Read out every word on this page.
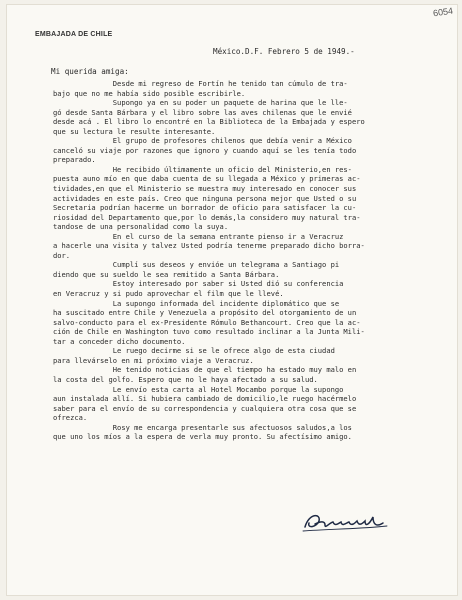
6054
EMBAJADA DE CHILE
México.D.F. Febrero 5 de 1949.-
Mi querida amiga:
Desde mi regreso de Fortín he tenido tan cúmulo de tra-
bajo que no me había sido posible escribirle.
Supongo ya en su poder un paquete de harina que le lle-
gó desde Santa Bárbara y el libro sobre las aves chilenas que le envié
desde acá . El libro lo encontré en la Biblioteca de la Embajada y espero
que su lectura le resulte interesante.
El grupo de profesores chilenos que debía venir a México
canceló su viaje por razones que ignoro y cuando aquí se les tenía todo
preparado.
He recibido últimamente un oficio del Ministerio,en res-
puesta auno mío en que daba cuenta de su llegada a México y primeras ac-
tividades,en que el Ministerio se muestra muy interesado en conocer sus
actividades en este país. Creo que ninguna persona mejor que Usted o su
Secretaria podrían hacerme un borrador de oficio para satisfacer la cu-
riosidad del Departamento que,por lo demás,la considero muy natural tra-
tandose de una personalidad como la suya.
En el curso de la semana entrante pienso ir a Veracruz
a hacerle una visita y talvez Usted podría tenerme preparado dicho borra-
dor.
Cumplí sus deseos y envióe un telegrama a Santiago pi
diendo que su sueldo le sea remitido a Santa Bárbara.
Estoy interesado por saber si Usted dió su conferencia
en Veracruz y si pudo aprovechar el film que le llevé.
La supongo informada del incidente diplomático que se
ha suscitado entre Chile y Venezuela a propósito del otorgamiento de un
salvo-conducto para el ex-Presidente Rómulo Bethancourt. Creo que la ac-
ción de Chile en Washington tuvo como resultado inclinar a la Junta Mili-
tar a conceder dicho documento.
Le ruego decirme si se le ofrece algo de esta ciudad
para llevárselo en mi próximo viaje a Veracruz.
He tenido noticias de que el tiempo ha estado muy malo en
la costa del golfo. Espero que no le haya afectado a su salud.
Le envío esta carta al Hotel Mocambo porque la supongo
aun instalada allí. Si hubiera cambiado de domicilio,le ruego hacérmelo
saber para el envío de su correspondencia y cualquiera otra cosa que se
ofrezca.
Rosy me encarga presentarle sus afectuosos saludos,a los
que uno los míos a la espera de verla muy pronto. Su afectísimo amigo.
